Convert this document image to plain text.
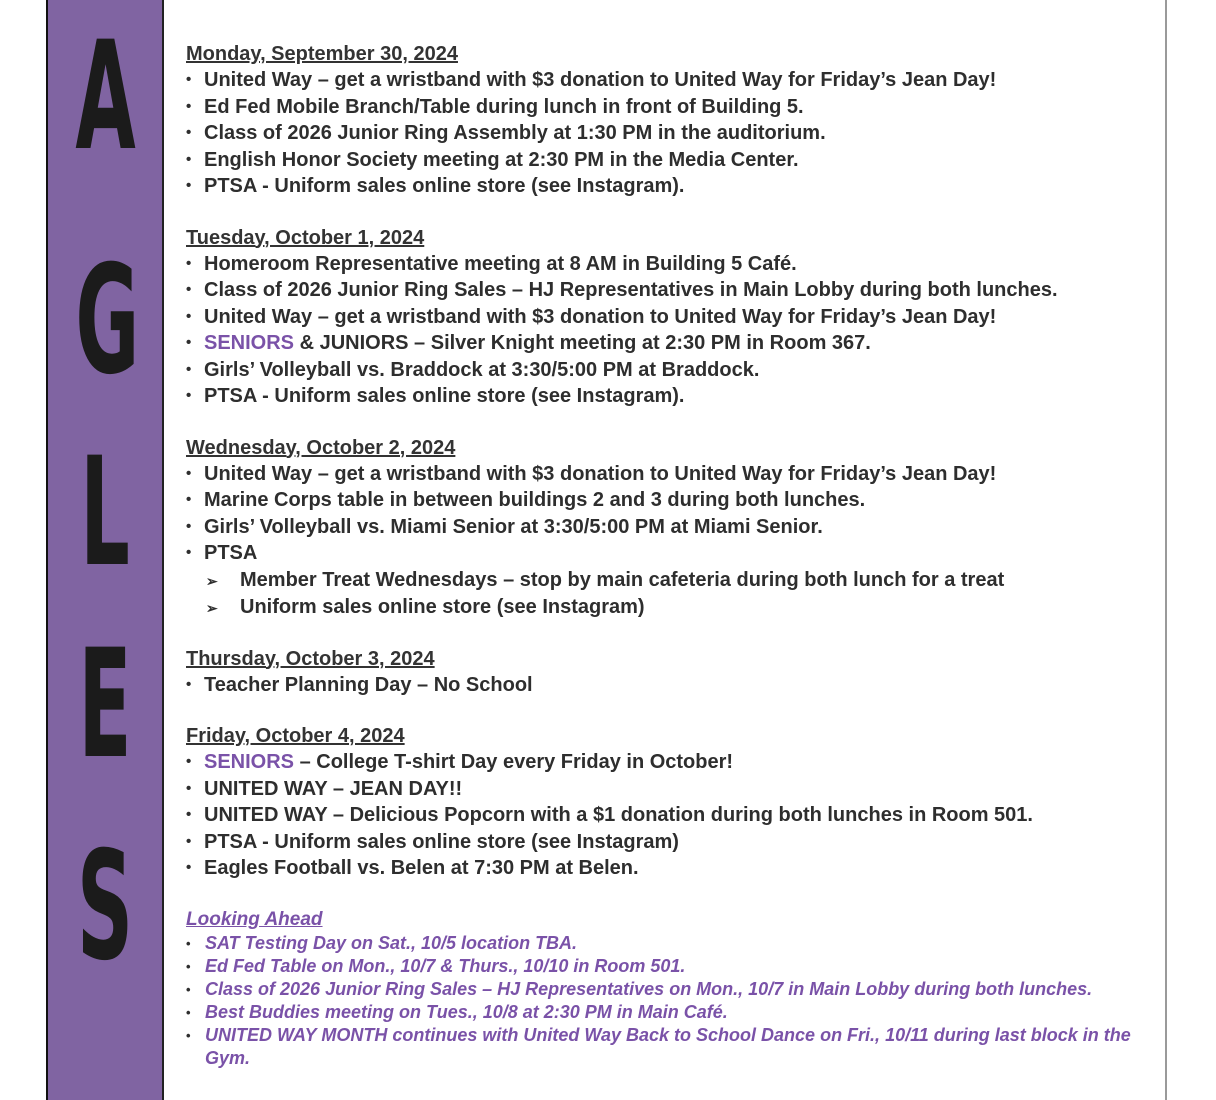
A
G
L
E
S
Monday, September 30, 2024
• United Way – get a wristband with $3 donation to United Way for Friday’s Jean Day!
• Ed Fed Mobile Branch/Table during lunch in front of Building 5.
• Class of 2026 Junior Ring Assembly at 1:30 PM in the auditorium.
• English Honor Society meeting at 2:30 PM in the Media Center.
• PTSA - Uniform sales online store (see Instagram).
Tuesday, October 1, 2024
• Homeroom Representative meeting at 8 AM in Building 5 Café.
• Class of 2026 Junior Ring Sales – HJ Representatives in Main Lobby during both lunches.
• United Way – get a wristband with $3 donation to United Way for Friday’s Jean Day!
• SENIORS & JUNIORS – Silver Knight meeting at 2:30 PM in Room 367.
• Girls’ Volleyball vs. Braddock at 3:30/5:00 PM at Braddock.
• PTSA - Uniform sales online store (see Instagram).
Wednesday, October 2, 2024
• United Way – get a wristband with $3 donation to United Way for Friday’s Jean Day!
• Marine Corps table in between buildings 2 and 3 during both lunches.
• Girls’ Volleyball vs. Miami Senior at 3:30/5:00 PM at Miami Senior.
• PTSA
➢ Member Treat Wednesdays – stop by main cafeteria during both lunch for a treat
➢ Uniform sales online store (see Instagram)
Thursday, October 3, 2024
• Teacher Planning Day – No School
Friday, October 4, 2024
• SENIORS – College T-shirt Day every Friday in October!
• UNITED WAY – JEAN DAY!!
• UNITED WAY – Delicious Popcorn with a $1 donation during both lunches in Room 501.
• PTSA - Uniform sales online store (see Instagram)
• Eagles Football vs. Belen at 7:30 PM at Belen.
Looking Ahead
• SAT Testing Day on Sat., 10/5 location TBA.
• Ed Fed Table on Mon., 10/7 & Thurs., 10/10 in Room 501.
• Class of 2026 Junior Ring Sales – HJ Representatives on Mon., 10/7 in Main Lobby during both lunches.
• Best Buddies meeting on Tues., 10/8 at 2:30 PM in Main Café.
• UNITED WAY MONTH continues with United Way Back to School Dance on Fri., 10/11 during last block in the Gym.
